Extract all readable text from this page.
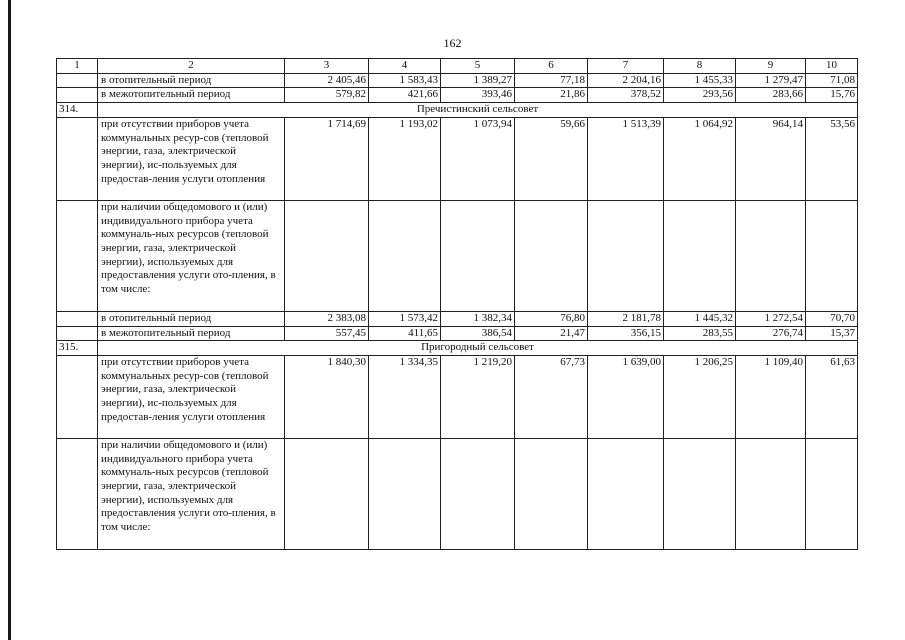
162
1	2	3	4	5	6	7	8	9	10
	в отопительный период	2 405,46	1 583,43	1 389,27	77,18	2 204,16	1 455,33	1 279,47	71,08
	в межотопительный период	579,82	421,66	393,46	21,86	378,52	293,56	283,66	15,76
314.	Пречистинский сельсовет								
	при отсутствии приборов учета коммунальных ресур-сов (тепловой энергии, газа, электрической энергии), ис-пользуемых для предостав-ления услуги отопления	1 714,69	1 193,02	1 073,94	59,66	1 513,39	1 064,92	964,14	53,56
	при наличии общедомового и (или) индивидуального прибора учета коммуналь-ных ресурсов (тепловой энергии, газа, электрической энергии), используемых для предоставления услуги ото-пления, в том числе:								
	в отопительный период	2 383,08	1 573,42	1 382,34	76,80	2 181,78	1 445,32	1 272,54	70,70
	в межотопительный период	557,45	411,65	386,54	21,47	356,15	283,55	276,74	15,37
315.	Пригородный сельсовет								
	при отсутствии приборов учета коммунальных ресур-сов (тепловой энергии, газа, электрической энергии), ис-пользуемых для предостав-ления услуги отопления	1 840,30	1 334,35	1 219,20	67,73	1 639,00	1 206,25	1 109,40	61,63
	при наличии общедомового и (или) индивидуального прибора учета коммуналь-ных ресурсов (тепловой энергии, газа, электрической энергии), используемых для предоставления услуги ото-пления, в том числе:								
